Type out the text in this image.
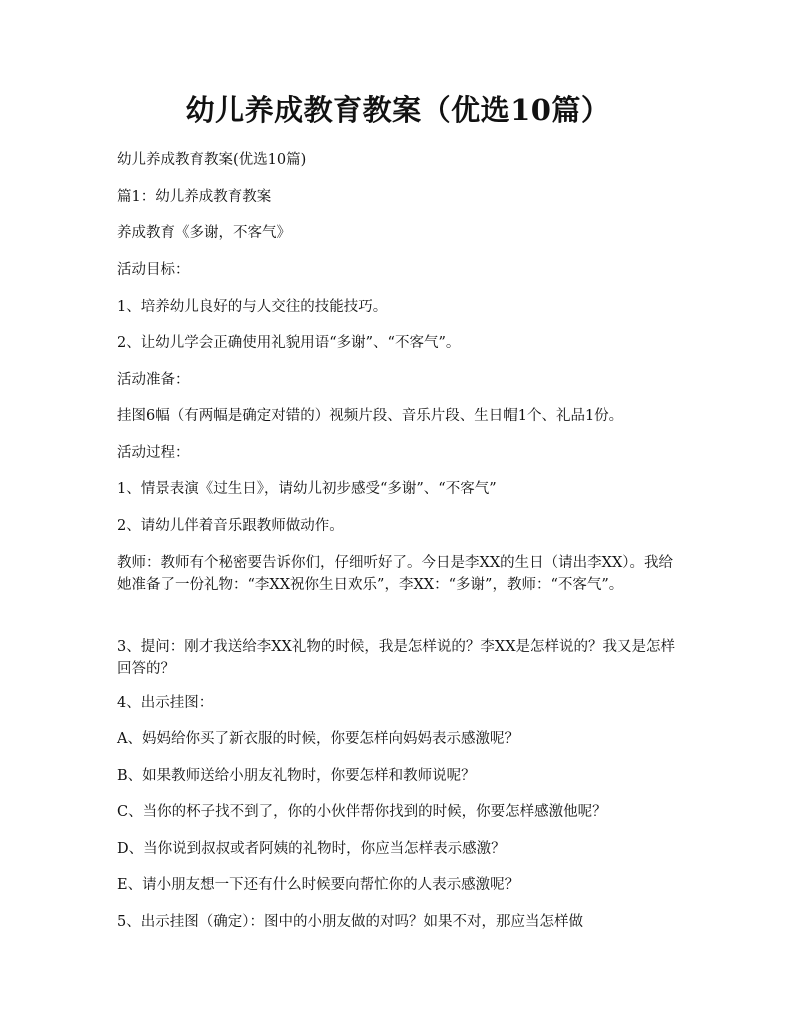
幼儿养成教育教案（优选10篇）
幼儿养成教育教案(优选10篇)
篇1：幼儿养成教育教案
养成教育《多谢，不客气》
活动目标：
1、培养幼儿良好的与人交往的技能技巧。
2、让幼儿学会正确使用礼貌用语“多谢”、“不客气”。
活动准备：
挂图6幅（有两幅是确定对错的）视频片段、音乐片段、生日帽1个、礼品1份。
活动过程：
1、情景表演《过生日》，请幼儿初步感受“多谢”、“不客气”
2、请幼儿伴着音乐跟教师做动作。
教师：教师有个秘密要告诉你们，仔细听好了。今日是李XX的生日（请出李XX）。我给她准备了一份礼物：“李XX祝你生日欢乐”，李XX：“多谢”，教师：“不客气”。
3、提问：刚才我送给李XX礼物的时候，我是怎样说的？李XX是怎样说的？我又是怎样回答的？
4、出示挂图：
A、妈妈给你买了新衣服的时候，你要怎样向妈妈表示感激呢？
B、如果教师送给小朋友礼物时，你要怎样和教师说呢？
C、当你的杯子找不到了，你的小伙伴帮你找到的时候，你要怎样感激他呢？
D、当你说到叔叔或者阿姨的礼物时，你应当怎样表示感激？
E、请小朋友想一下还有什么时候要向帮忙你的人表示感激呢？
5、出示挂图（确定）：图中的小朋友做的对吗？如果不对，那应当怎样做
